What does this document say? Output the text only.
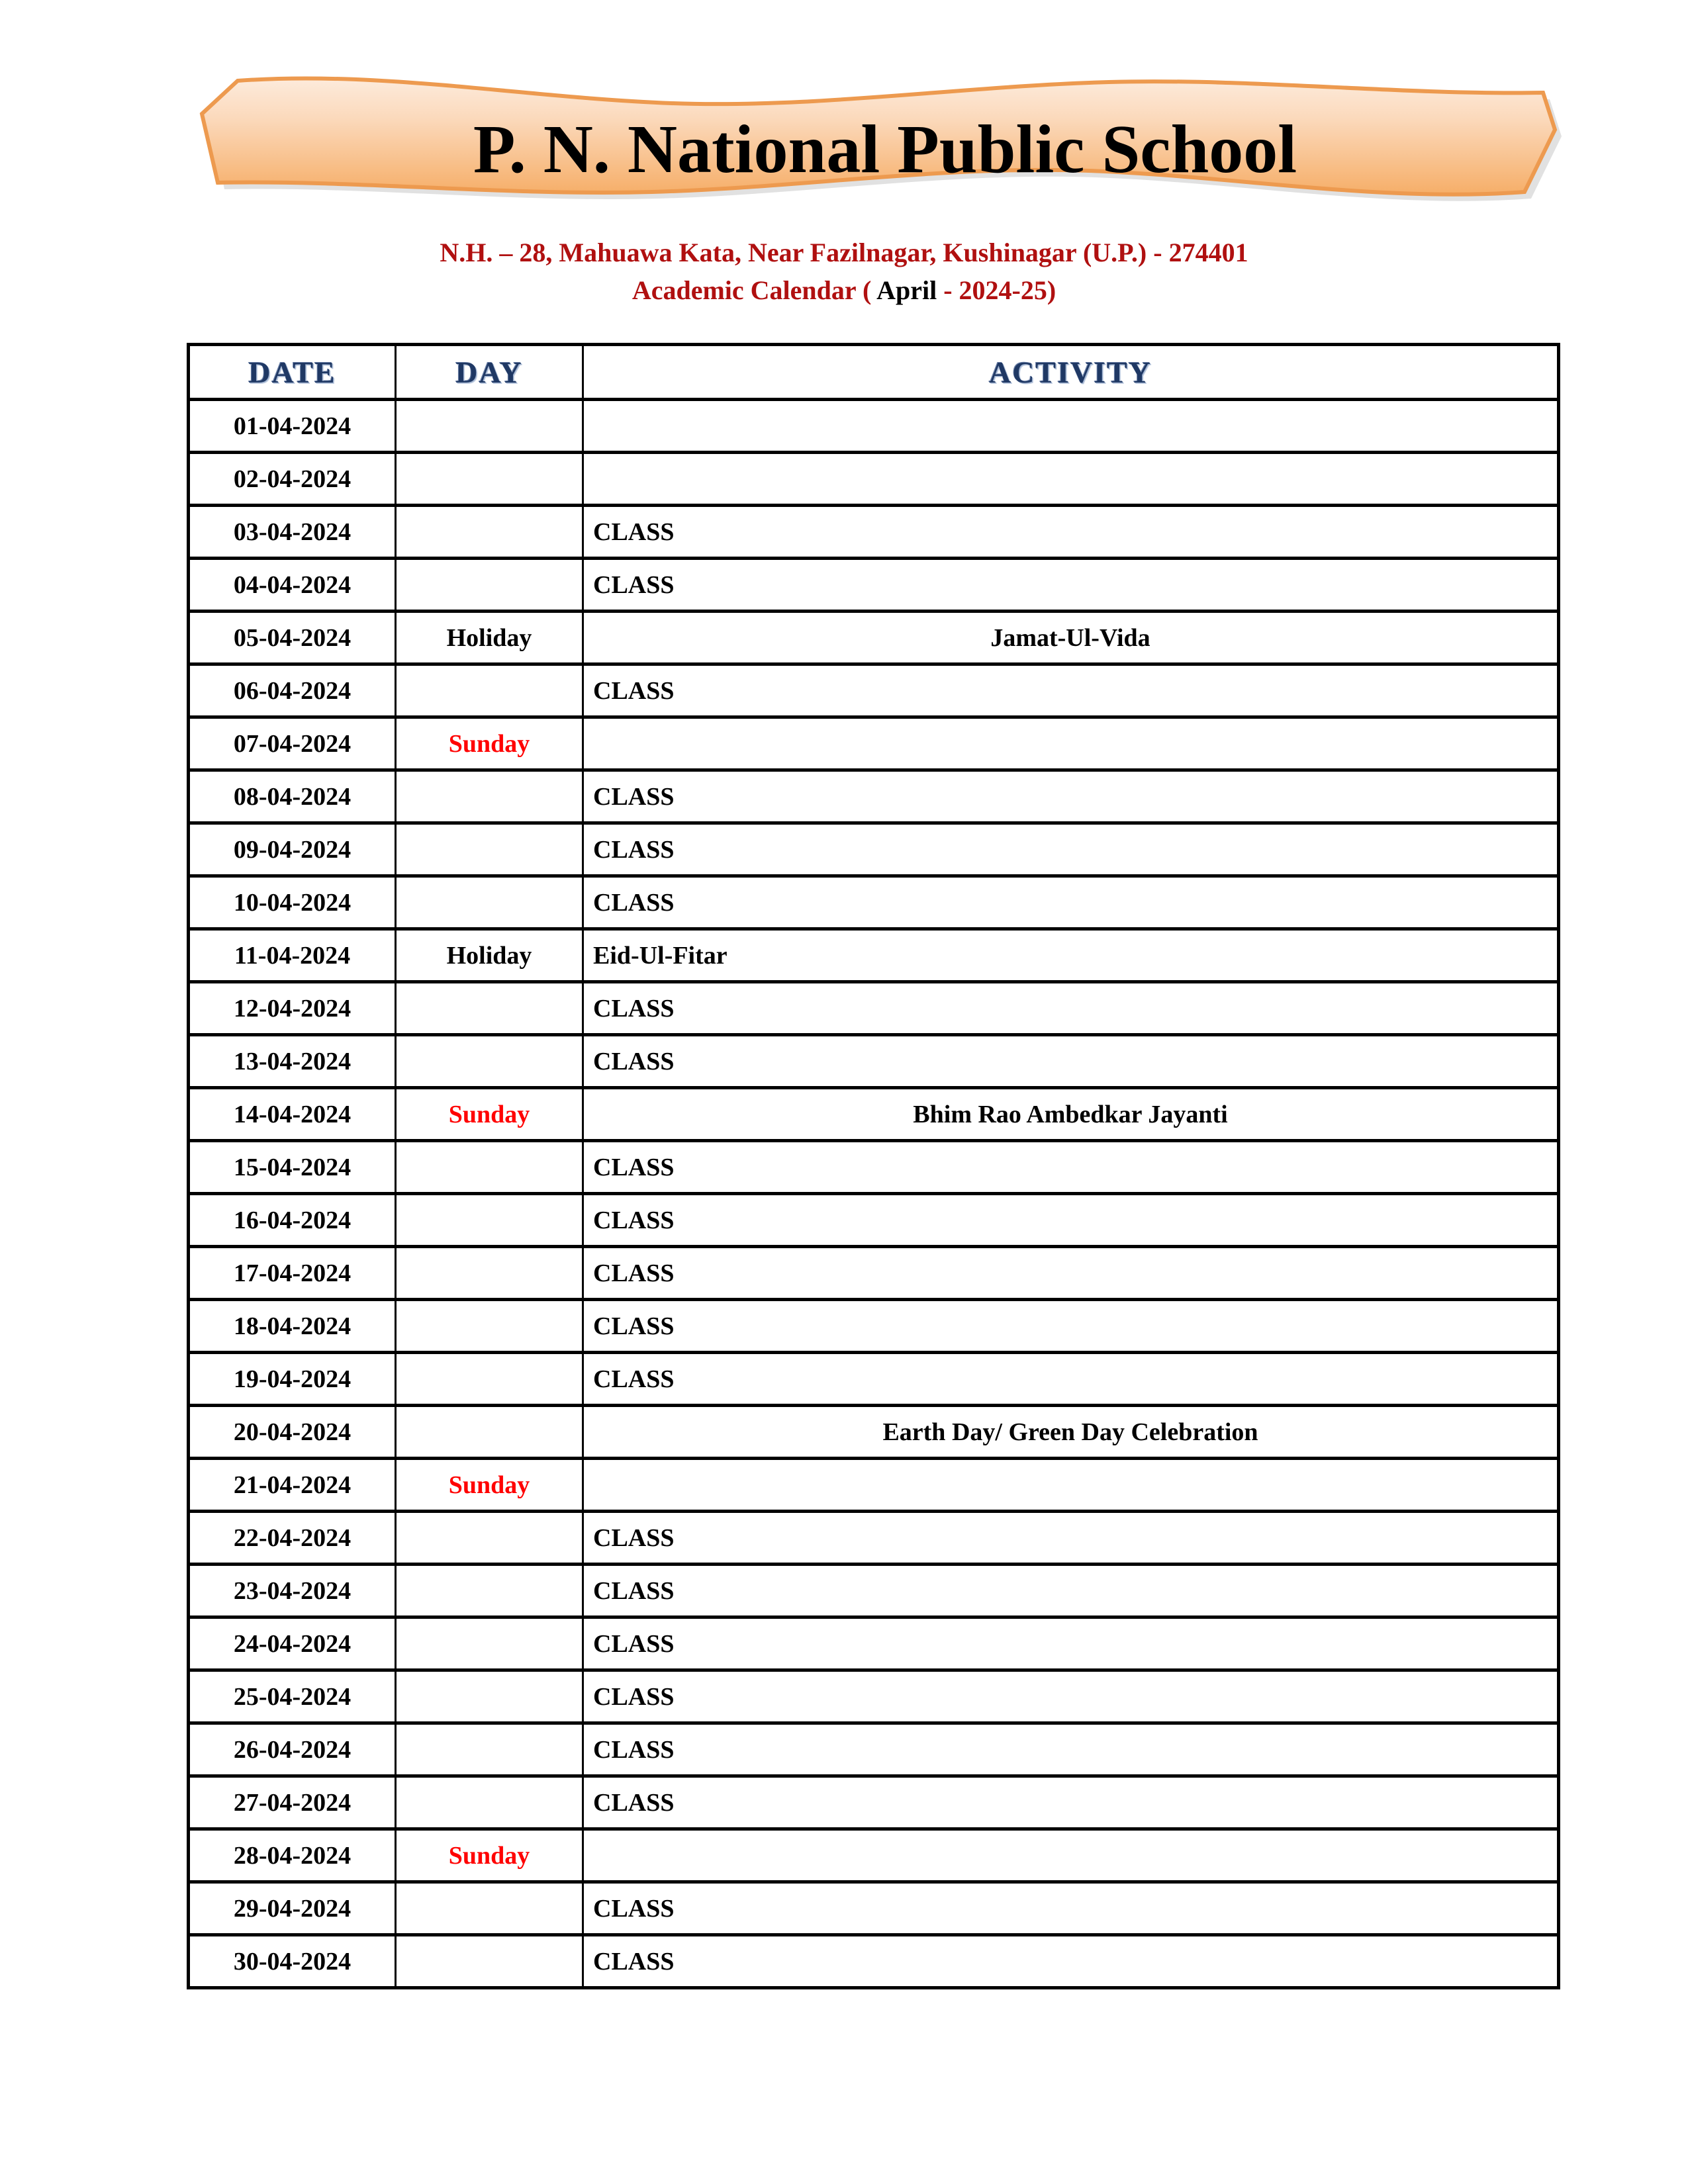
P. N. National Public School
N.H. – 28, Mahuawa Kata, Near Fazilnagar, Kushinagar (U.P.) - 274401
Academic Calendar ( April - 2024-25)
DATE	DAY	ACTIVITY

01-04-2024		

02-04-2024		

03-04-2024		CLASS

04-04-2024		CLASS

05-04-2024	Holiday	Jamat-Ul-Vida

06-04-2024		CLASS

07-04-2024	Sunday	

08-04-2024		CLASS

09-04-2024		CLASS

10-04-2024		CLASS

11-04-2024	Holiday	Eid-Ul-Fitar

12-04-2024		CLASS

13-04-2024		CLASS

14-04-2024	Sunday	Bhim Rao Ambedkar Jayanti

15-04-2024		CLASS

16-04-2024		CLASS

17-04-2024		CLASS

18-04-2024		CLASS

19-04-2024		CLASS

20-04-2024		Earth Day/ Green Day Celebration

21-04-2024	Sunday	

22-04-2024		CLASS

23-04-2024		CLASS

24-04-2024		CLASS

25-04-2024		CLASS

26-04-2024		CLASS

27-04-2024		CLASS

28-04-2024	Sunday	

29-04-2024		CLASS

30-04-2024		CLASS
